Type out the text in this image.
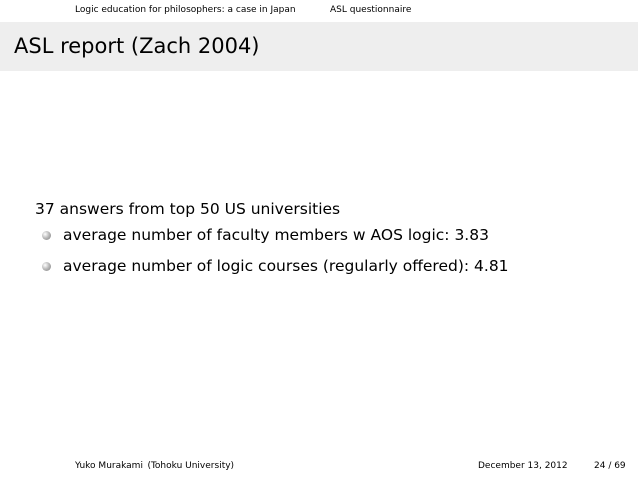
Logic education for philosophers: a case in Japan	ASL questionnaire
ASL report (Zach 2004)
37 answers from top 50 US universities
average number of faculty members w AOS logic: 3.83
average number of logic courses (regularly offered): 4.81
Yuko Murakami (Tohoku University)	December 13, 2012	24 / 69
